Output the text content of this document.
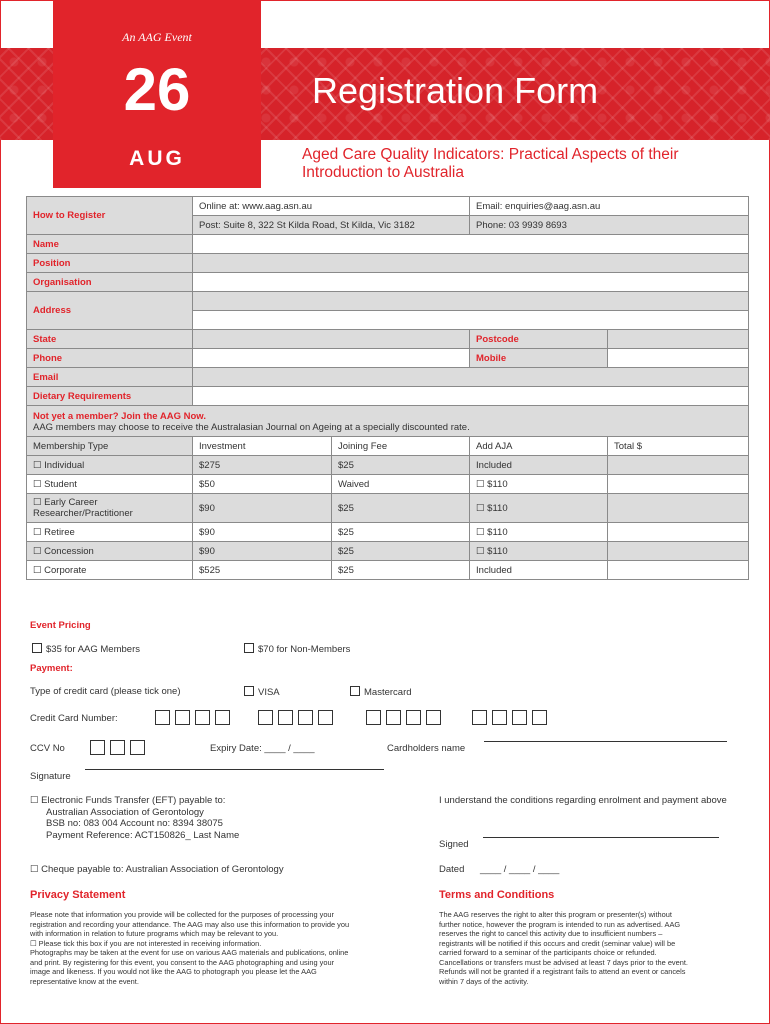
An AAG Event
26
AUG
Registration Form
Aged Care Quality Indicators: Practical Aspects of their Introduction to Australia
How to Register	Online at: www.aag.asn.au		Email: enquiries@aag.asn.au	
	Post: Suite 8, 322 St Kilda Road, St Kilda, Vic 3182		Phone: 03 9939 8693	
Name				
Position				
Organisation				
Address				

State			Postcode	
Phone			Mobile	
Email				
Dietary Requirements				

Not yet a member? Join the AAG Now.
AAG members may choose to receive the Australasian Journal on Ageing at a specially discounted rate.				

Membership Type	Investment	Joining Fee	Add AJA	Total $
☐ Individual	$275	$25	Included	
☐ Student	$50	Waived	☐ $110	
☐ Early Career Researcher/Practitioner	$90	$25	☐ $110	
☐ Retiree	$90	$25	☐ $110	
☐ Concession	$90	$25	☐ $110	
☐ Corporate	$525	$25	Included	
Event Pricing
$35 for AAG Members	$70 for Non-Members
Payment:
Type of credit card (please tick one)	VISA	Mastercard
Credit Card Number:
CCV No	Expiry Date: ____ / ____	Cardholders name
Signature
☐ Electronic Funds Transfer (EFT) payable to:
Australian Association of Gerontology
BSB no: 083 004 Account no: 8394 38075
Payment Reference: ACT150826_ Last Name
I understand the conditions regarding enrolment and payment above
Signed
☐ Cheque payable to: Australian Association of Gerontology	Dated ____ / ____ / ____
Privacy Statement

Please note that information you provide will be collected for the purposes of processing your

registration and recording your attendance. The AAG may also use this information to provide you

with information in relation to future programs which may be relevant to you.

☐ Please tick this box if you are not interested in receiving information.

Photographs may be taken at the event for use on various AAG materials and publications, online

and print. By registering for this event, you consent to the AAG photographing and using your

image and likeness. If you would not like the AAG to photograph you please let the AAG

representative know at the event.

Terms and Conditions

The AAG reserves the right to alter this program or presenter(s) without

further notice, however the program is intended to run as advertised. AAG

reserves the right to cancel this activity due to insufficient numbers –

registrants will be notified if this occurs and credit (seminar value) will be

carried forward to a seminar of the participants choice or refunded.

Cancellations or transfers must be advised at least 7 days prior to the event.

Refunds will not be granted if a registrant fails to attend an event or cancels

within 7 days of the activity.
